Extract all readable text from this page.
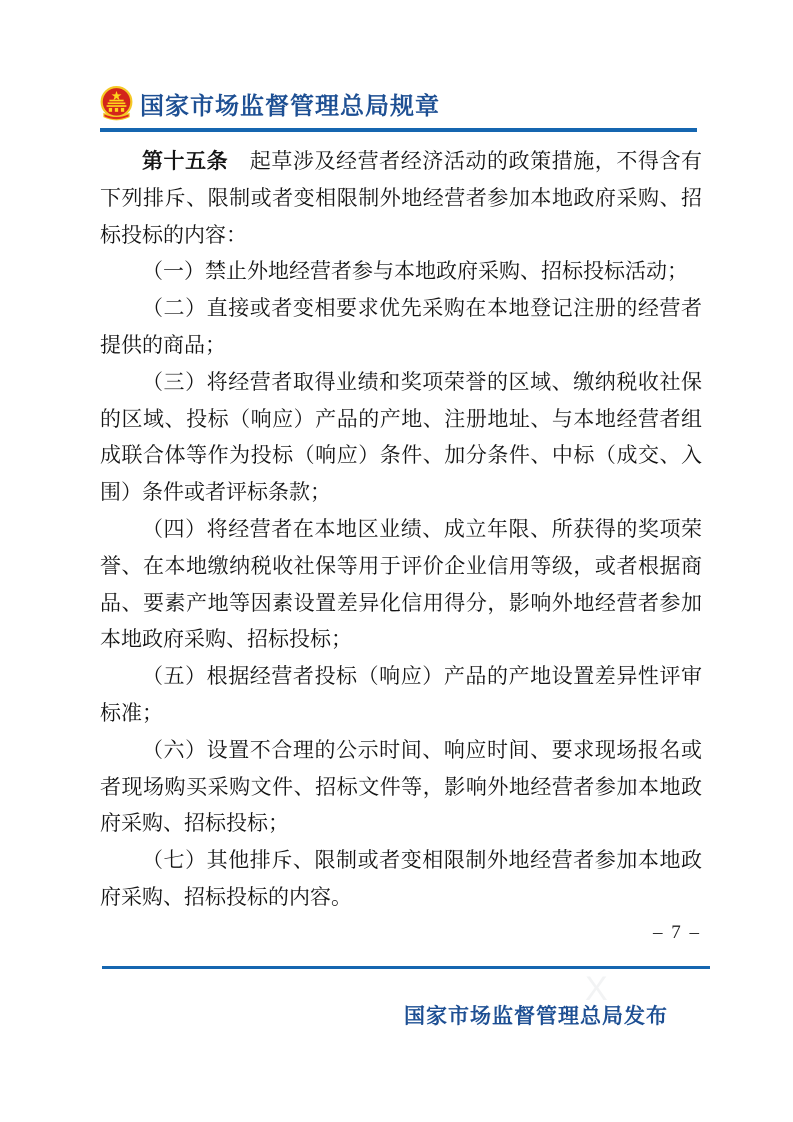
国家市场监督管理总局规章

第十五条　起草涉及经营者经济活动的政策措施，不得含有下列排斥、限制或者变相限制外地经营者参加本地政府采购、招标投标的内容：

（一）禁止外地经营者参与本地政府采购、招标投标活动；

（二）直接或者变相要求优先采购在本地登记注册的经营者提供的商品；

（三）将经营者取得业绩和奖项荣誉的区域、缴纳税收社保的区域、投标（响应）产品的产地、注册地址、与本地经营者组成联合体等作为投标（响应）条件、加分条件、中标（成交、入围）条件或者评标条款；

（四）将经营者在本地区业绩、成立年限、所获得的奖项荣誉、在本地缴纳税收社保等用于评价企业信用等级，或者根据商品、要素产地等因素设置差异化信用得分，影响外地经营者参加本地政府采购、招标投标；

（五）根据经营者投标（响应）产品的产地设置差异性评审标准；

（六）设置不合理的公示时间、响应时间、要求现场报名或者现场购买采购文件、招标文件等，影响外地经营者参加本地政府采购、招标投标；

（七）其他排斥、限制或者变相限制外地经营者参加本地政府采购、招标投标的内容。

– 7 –
X
国家市场监督管理总局发布
